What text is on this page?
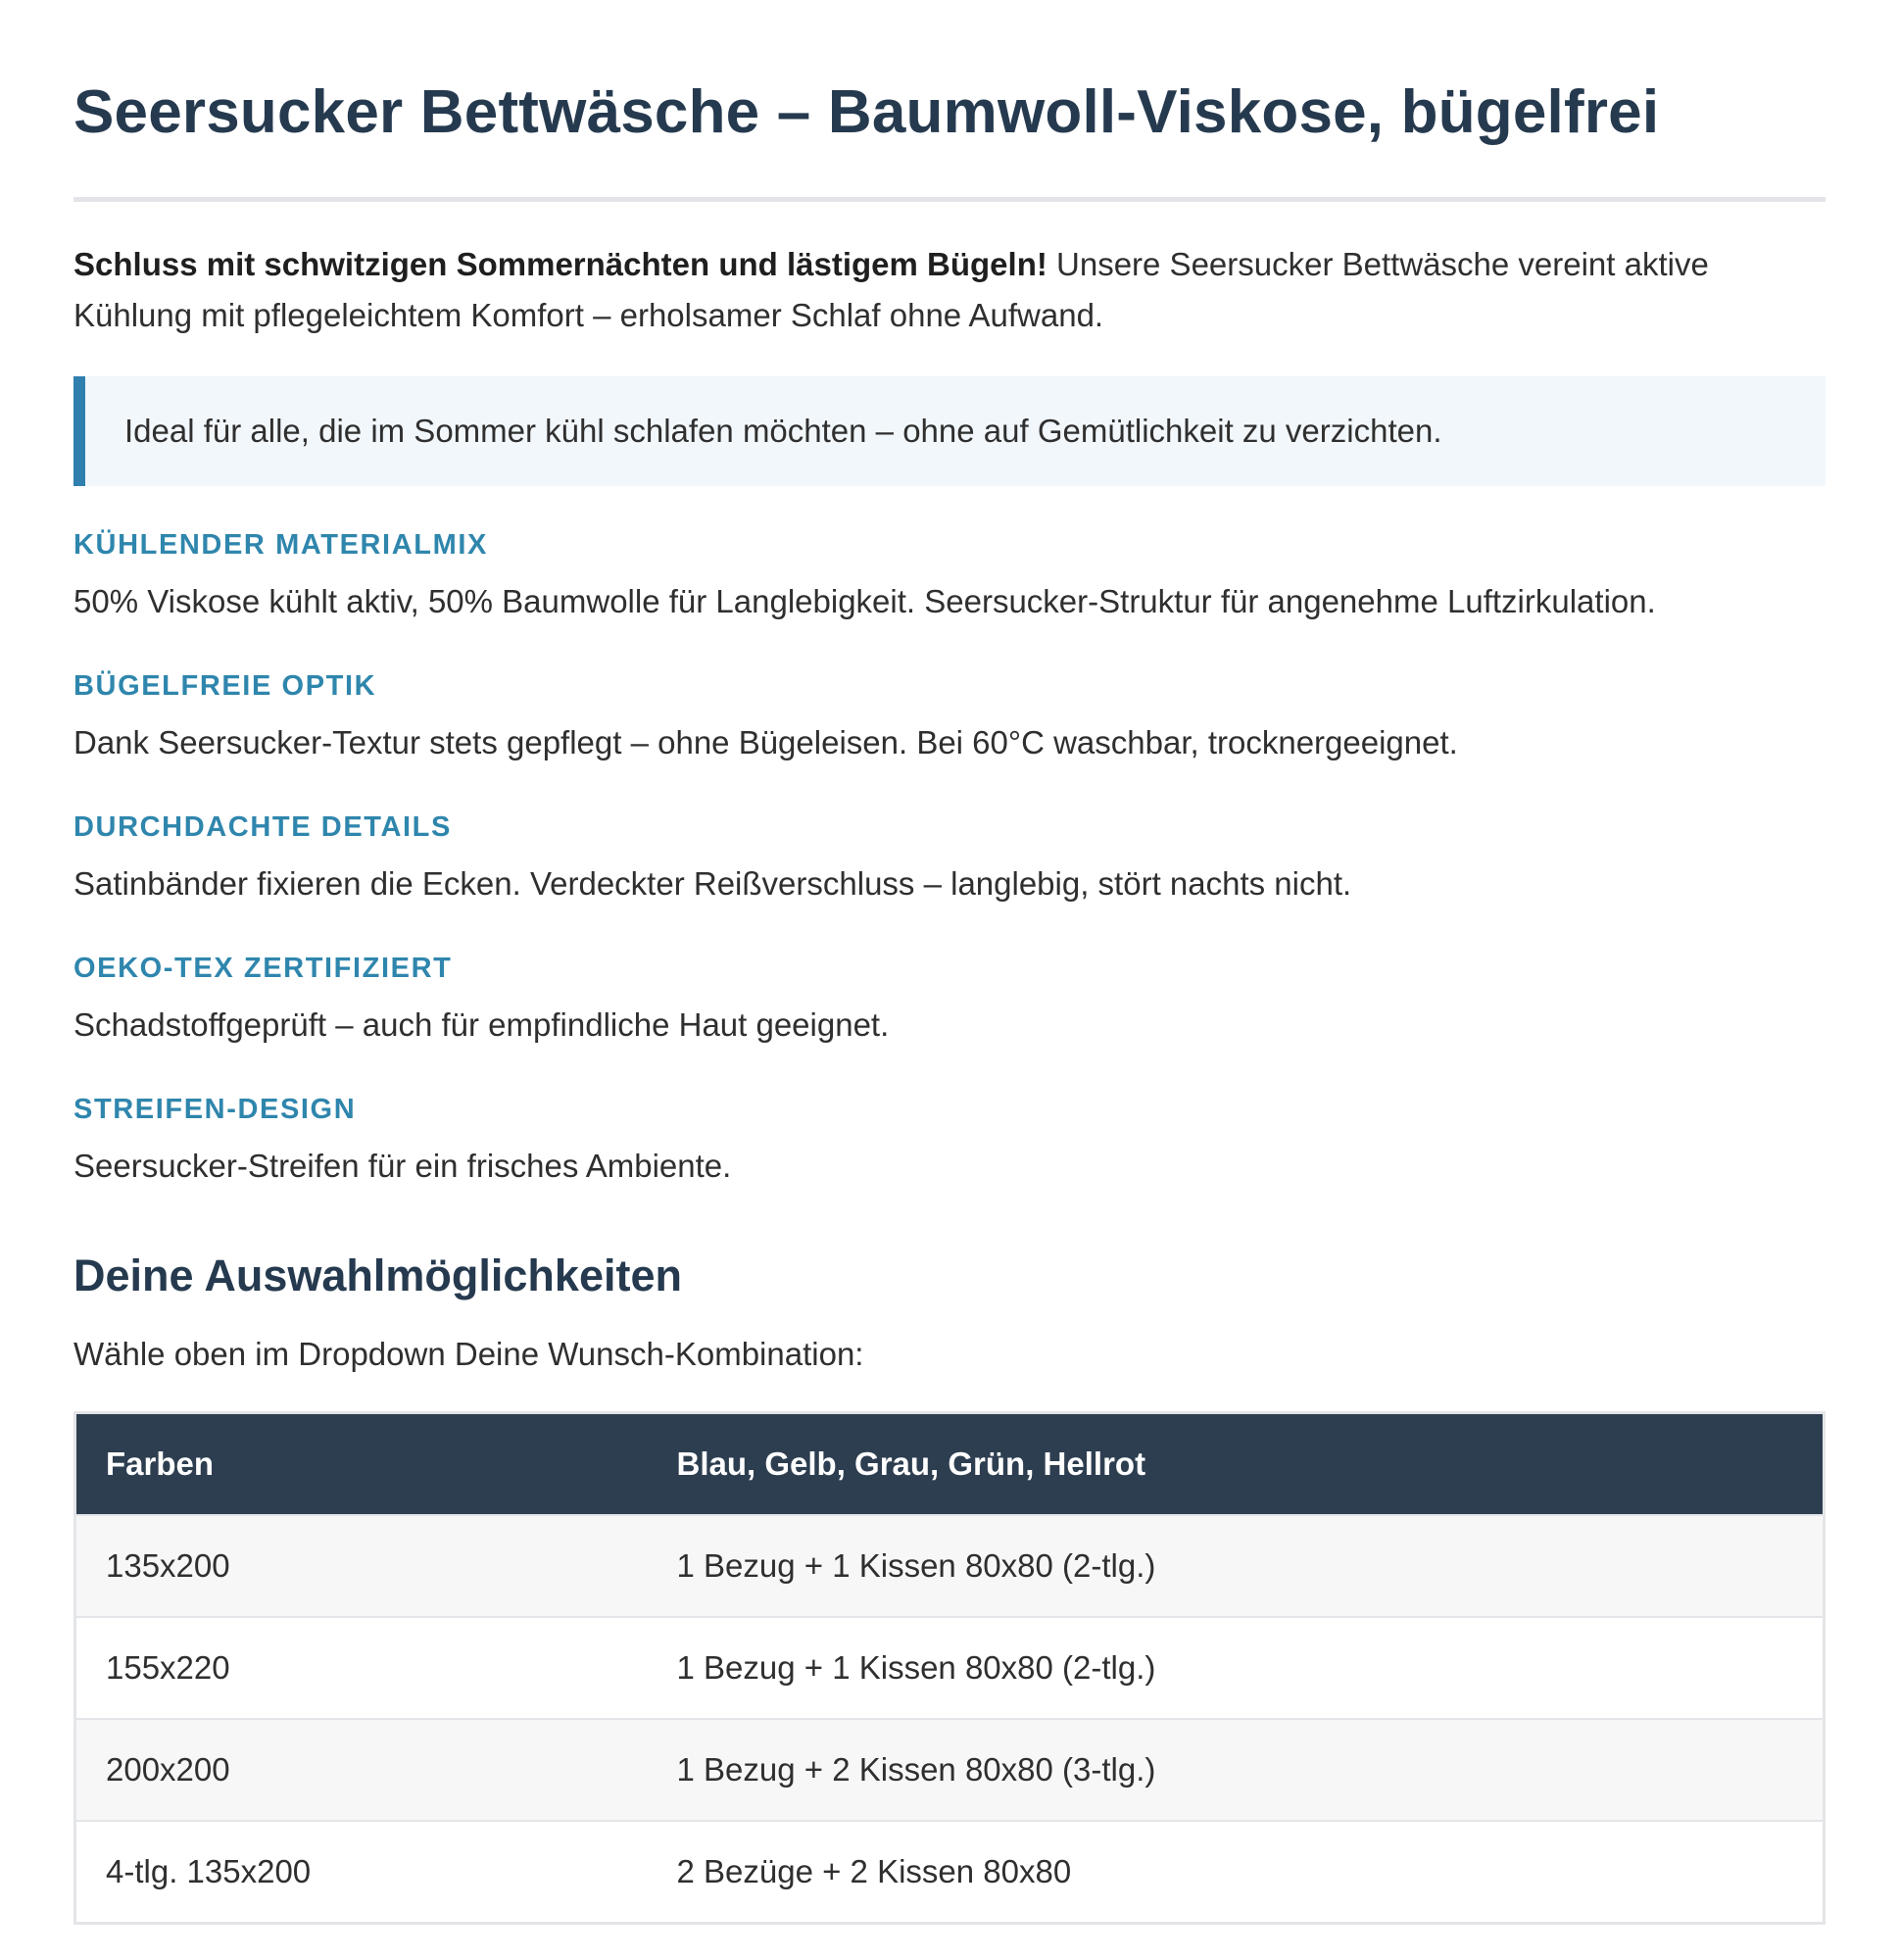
Seersucker Bettwäsche – Baumwoll-Viskose, bügelfrei

Schluss mit schwitzigen Sommernächten und lästigem Bügeln! Unsere Seersucker Bettwäsche vereint aktive Kühlung mit pflegeleichtem Komfort – erholsamer Schlaf ohne Aufwand.

Ideal für alle, die im Sommer kühl schlafen möchten – ohne auf Gemütlichkeit zu verzichten.
KÜHLENDER MATERIALMIX

50% Viskose kühlt aktiv, 50% Baumwolle für Langlebigkeit. Seersucker-Struktur für angenehme Luftzirkulation.

BÜGELFREIE OPTIK

Dank Seersucker-Textur stets gepflegt – ohne Bügeleisen. Bei 60°C waschbar, trocknergeeignet.

DURCHDACHTE DETAILS

Satinbänder fixieren die Ecken. Verdeckter Reißverschluss – langlebig, stört nachts nicht.

OEKO-TEX ZERTIFIZIERT

Schadstoffgeprüft – auch für empfindliche Haut geeignet.

STREIFEN-DESIGN

Seersucker-Streifen für ein frisches Ambiente.

Deine Auswahlmöglichkeiten

Wähle oben im Dropdown Deine Wunsch-Kombination:

Farben	Blau, Gelb, Grau, Grün, Hellrot
135x200	1 Bezug + 1 Kissen 80x80 (2-tlg.)
155x220	1 Bezug + 1 Kissen 80x80 (2-tlg.)
200x200	1 Bezug + 2 Kissen 80x80 (3-tlg.)
4-tlg. 135x200	2 Bezüge + 2 Kissen 80x80
